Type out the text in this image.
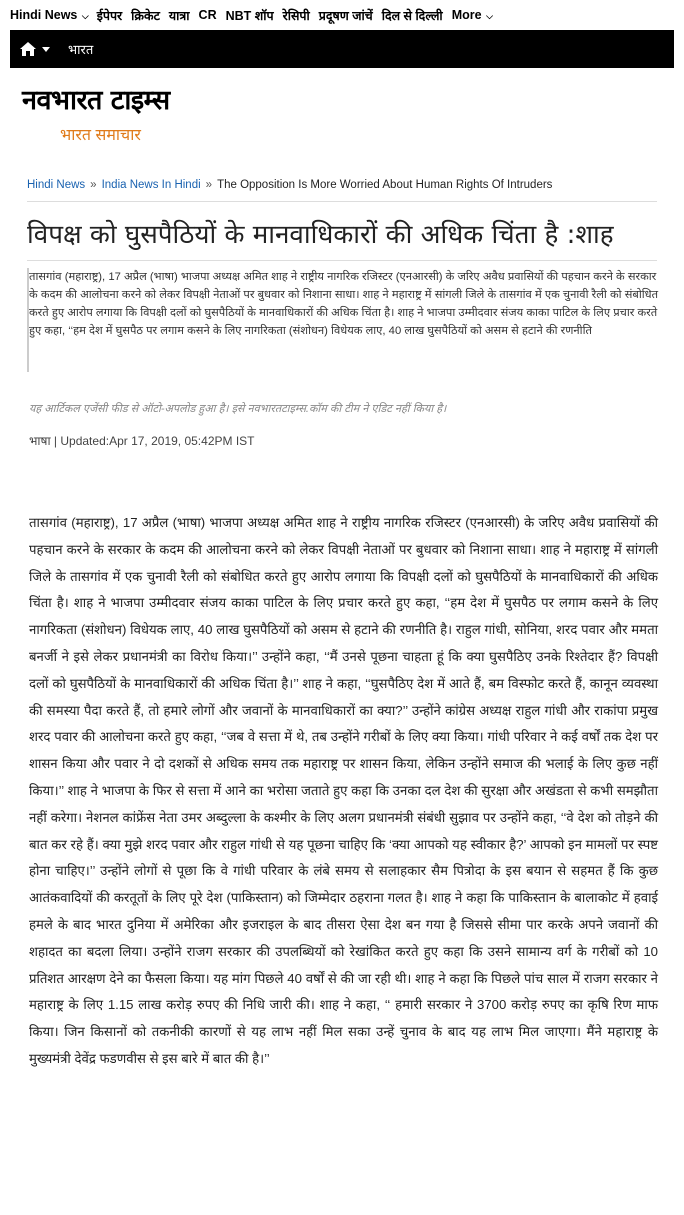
Hindi News ⌵ ईपेपर क्रिकेट यात्रा CR NBT शॉप रेसिपी प्रदूषण जांचें दिल से दिल्ली More ⌵
भारत
नवभारत टाइम्स
भारत समाचार
Hindi News » India News In Hindi » The Opposition Is More Worried About Human Rights Of Intruders
विपक्ष को घुसपैठियों के मानवाधिकारों की अधिक चिंता है :शाह
तासगांव (महाराष्ट्र), 17 अप्रैल (भाषा) भाजपा अध्यक्ष अमित शाह ने राष्ट्रीय नागरिक रजिस्टर (एनआरसी) के जरिए अवैध प्रवासियों की पहचान करने के सरकार के कदम की आलोचना करने को लेकर विपक्षी नेताओं पर बुधवार को निशाना साधा। शाह ने महाराष्ट्र में सांगली जिले के तासगांव में एक चुनावी रैली को संबोधित करते हुए आरोप लगाया कि विपक्षी दलों को घुसपैठियों के मानवाधिकारों की अधिक चिंता है। शाह ने भाजपा उम्मीदवार संजय काका पाटिल के लिए प्रचार करते हुए कहा, ‘‘हम देश में घुसपैठ पर लगाम कसने के लिए नागरिकता (संशोधन) विधेयक लाए, 40 लाख घुसपैठियों को असम से हटाने की रणनीति
यह आर्टिकल एजेंसी फीड से ऑटो-अपलोड हुआ है। इसे नवभारतटाइम्स.कॉम की टीम ने एडिट नहीं किया है।
भाषा | Updated:Apr 17, 2019, 05:42PM IST
तासगांव (महाराष्ट्र), 17 अप्रैल (भाषा) भाजपा अध्यक्ष अमित शाह ने राष्ट्रीय नागरिक रजिस्टर (एनआरसी) के जरिए अवैध प्रवासियों की पहचान करने के सरकार के कदम की आलोचना करने को लेकर विपक्षी नेताओं पर बुधवार को निशाना साधा। शाह ने महाराष्ट्र में सांगली जिले के तासगांव में एक चुनावी रैली को संबोधित करते हुए आरोप लगाया कि विपक्षी दलों को घुसपैठियों के मानवाधिकारों की अधिक चिंता है। शाह ने भाजपा उम्मीदवार संजय काका पाटिल के लिए प्रचार करते हुए कहा, ‘‘हम देश में घुसपैठ पर लगाम कसने के लिए नागरिकता (संशोधन) विधेयक लाए, 40 लाख घुसपैठियों को असम से हटाने की रणनीति है। राहुल गांधी, सोनिया, शरद पवार और ममता बनर्जी ने इसे लेकर प्रधानमंत्री का विरोध किया।’’ उन्होंने कहा, ‘‘मैं उनसे पूछना चाहता हूं कि क्या घुसपैठिए उनके रिश्तेदार हैं? विपक्षी दलों को घुसपैठियों के मानवाधिकारों की अधिक चिंता है।’’ शाह ने कहा, ‘‘घुसपैठिए देश में आते हैं, बम विस्फोट करते हैं, कानून व्यवस्था की समस्या पैदा करते हैं, तो हमारे लोगों और जवानों के मानवाधिकारों का क्या?’’ उन्होंने कांग्रेस अध्यक्ष राहुल गांधी और राकांपा प्रमुख शरद पवार की आलोचना करते हुए कहा, ‘‘जब वे सत्ता में थे, तब उन्होंने गरीबों के लिए क्या किया। गांधी परिवार ने कई वर्षों तक देश पर शासन किया और पवार ने दो दशकों से अधिक समय तक महाराष्ट्र पर शासन किया, लेकिन उन्होंने समाज की भलाई के लिए कुछ नहीं किया।’’ शाह ने भाजपा के फिर से सत्ता में आने का भरोसा जताते हुए कहा कि उनका दल देश की सुरक्षा और अखंडता से कभी समझौता नहीं करेगा। नेशनल कांफ्रेंस नेता उमर अब्दुल्ला के कश्मीर के लिए अलग प्रधानमंत्री संबंधी सुझाव पर उन्होंने कहा, ‘‘वे देश को तोड़ने की बात कर रहे हैं। क्या मुझे शरद पवार और राहुल गांधी से यह पूछना चाहिए कि ‘क्या आपको यह स्वीकार है?’ आपको इन मामलों पर स्पष्ट होना चाहिए।’’ उन्होंने लोगों से पूछा कि वे गांधी परिवार के लंबे समय से सलाहकार सैम पित्रोदा के इस बयान से सहमत हैं कि कुछ आतंकवादियों की करतूतों के लिए पूरे देश (पाकिस्तान) को जिम्मेदार ठहराना गलत है। शाह ने कहा कि पाकिस्तान के बालाकोट में हवाई हमले के बाद भारत दुनिया में अमेरिका और इजराइल के बाद तीसरा ऐसा देश बन गया है जिससे सीमा पार करके अपने जवानों की शहादत का बदला लिया। उन्होंने राजग सरकार की उपलब्धियों को रेखांकित करते हुए कहा कि उसने सामान्य वर्ग के गरीबों को 10 प्रतिशत आरक्षण देने का फैसला किया। यह मांग पिछले 40 वर्षों से की जा रही थी। शाह ने कहा कि पिछले पांच साल में राजग सरकार ने महाराष्ट्र के लिए 1.15 लाख करोड़ रुपए की निधि जारी की। शाह ने कहा, ‘‘ हमारी सरकार ने 3700 करोड़ रुपए का कृषि रिण माफ किया। जिन किसानों को तकनीकी कारणों से यह लाभ नहीं मिल सका उन्हें चुनाव के बाद यह लाभ मिल जाएगा। मैंने महाराष्ट्र के मुख्यमंत्री देवेंद्र फडणवीस से इस बारे में बात की है।’’
